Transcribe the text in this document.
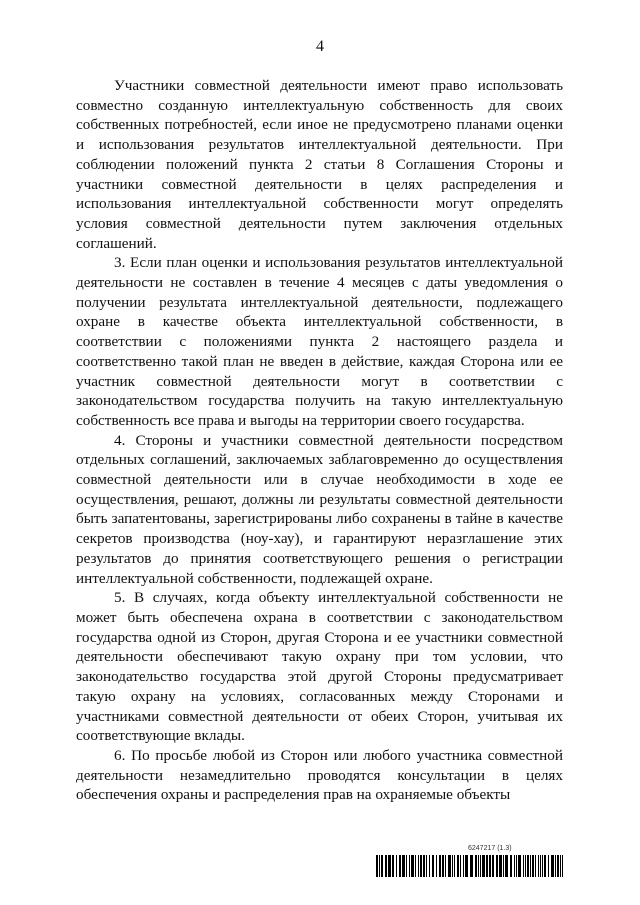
4

Участники совместной деятельности имеют право использовать совместно созданную интеллектуальную собственность для своих собственных потребностей, если иное не предусмотрено планами оценки и использования результатов интеллектуальной деятельности. При соблюдении положений пункта 2 статьи 8 Соглашения Стороны и участники совместной деятельности в целях распределения и использования интеллектуальной собственности могут определять условия совместной деятельности путем заключения отдельных соглашений.

3. Если план оценки и использования результатов интеллектуальной деятельности не составлен в течение 4 месяцев с даты уведомления о получении результата интеллектуальной деятельности, подлежащего охране в качестве объекта интеллектуальной собственности, в соответствии с положениями пункта 2 настоящего раздела и соответственно такой план не введен в действие, каждая Сторона или ее участник совместной деятельности могут в соответствии с законодательством государства получить на такую интеллектуальную собственность все права и выгоды на территории своего государства.

4. Стороны и участники совместной деятельности посредством отдельных соглашений, заключаемых заблаговременно до осуществления совместной деятельности или в случае необходимости в ходе ее осуществления, решают, должны ли результаты совместной деятельности быть запатентованы, зарегистрированы либо сохранены в тайне в качестве секретов производства (ноу-хау), и гарантируют неразглашение этих результатов до принятия соответствующего решения о регистрации интеллектуальной собственности, подлежащей охране.

5. В случаях, когда объекту интеллектуальной собственности не может быть обеспечена охрана в соответствии с законодательством государства одной из Сторон, другая Сторона и ее участники совместной деятельности обеспечивают такую охрану при том условии, что законодательство государства этой другой Стороны предусматривает такую охрану на условиях, согласованных между Сторонами и участниками совместной деятельности от обеих Сторон, учитывая их соответствующие вклады.

6. По просьбе любой из Сторон или любого участника совместной деятельности незамедлительно проводятся консультации в целях обеспечения охраны и распределения прав на охраняемые объекты

6247217 (1.3)
